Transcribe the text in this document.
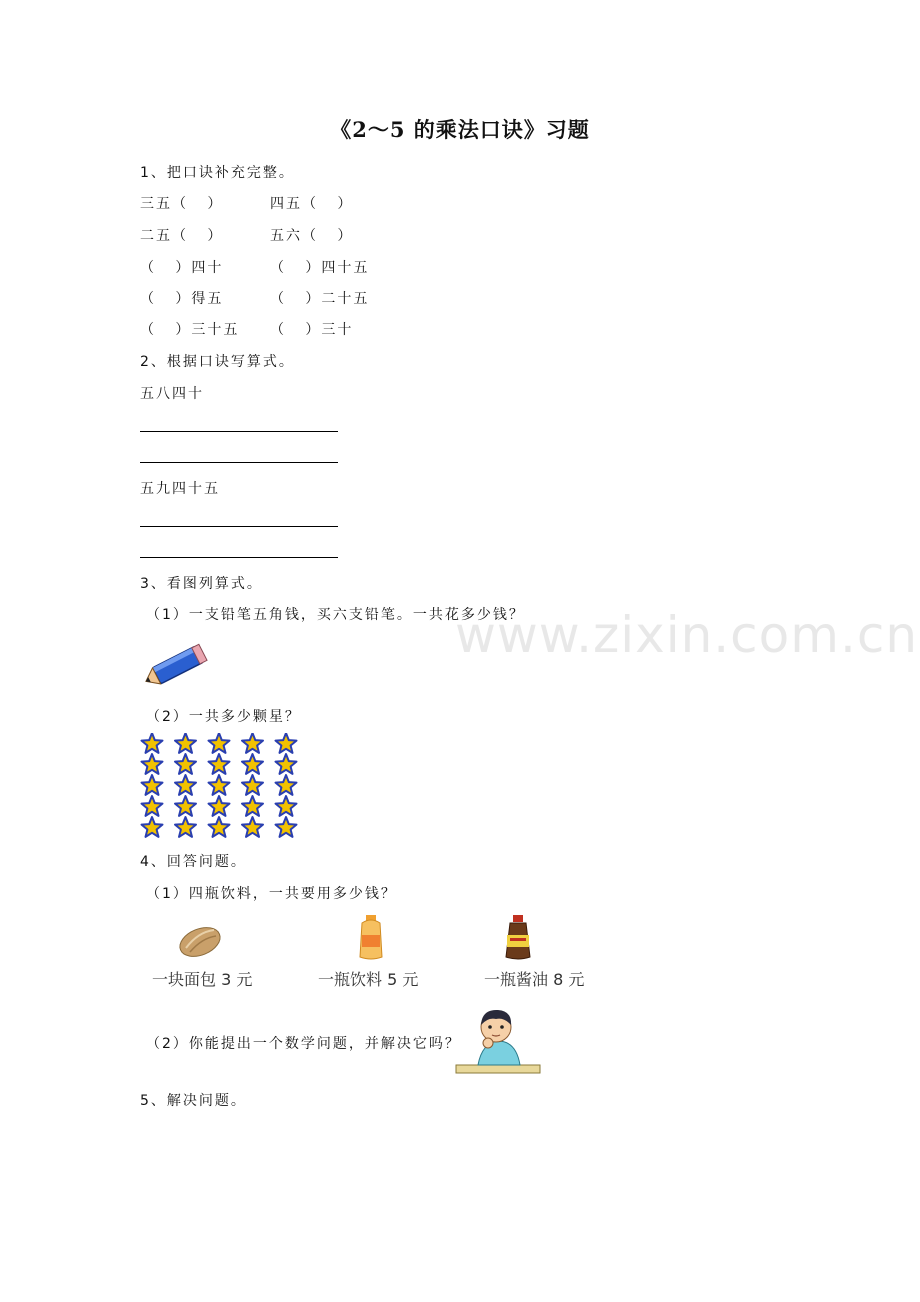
《2～5 的乘法口诀》习题
1、把口诀补充完整。
三五（   ）	四五（   ）
二五（   ）	五六（   ）
（   ）四十	（   ）四十五
（   ）得五	（   ）二十五
（   ）三十五 （   ）三十
2、根据口诀写算式。
五八四十
五九四十五
3、看图列算式。
www.zixin.com.cn
（1）一支铅笔五角钱，买六支铅笔。一共花多少钱？
（2）一共多少颗星？
4、回答问题。
（1）四瓶饮料，一共要用多少钱？
一块面包 3 元	一瓶饮料 5 元	一瓶酱油 8 元
（2）你能提出一个数学问题，并解决它吗？
5、解决问题。
